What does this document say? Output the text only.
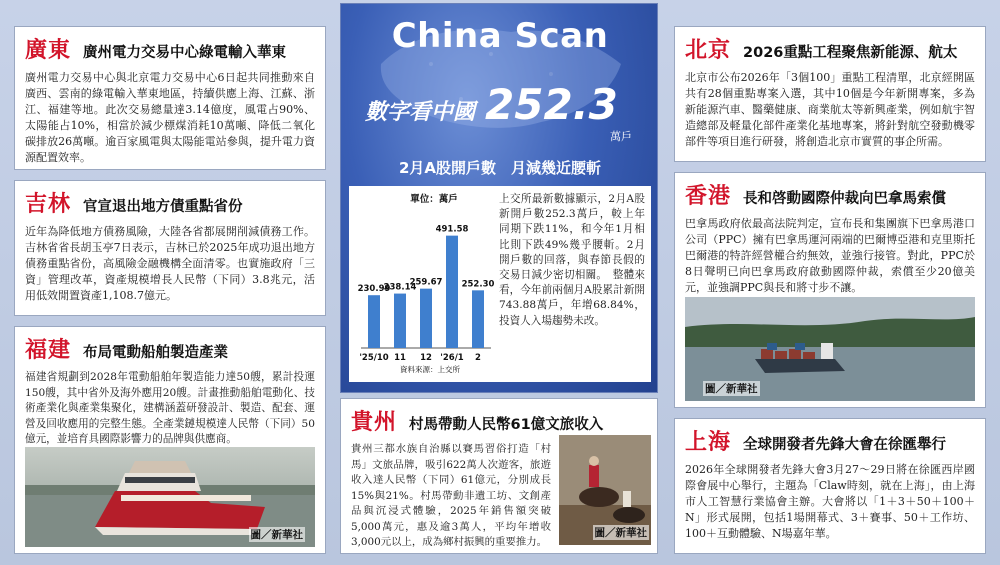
廣東 廣州電力交易中心綠電輸入華東
廣州電力交易中心與北京電力交易中心6日起共同推動來自廣西、雲南的綠電輸入華東地區，持續供應上海、江蘇、浙江、福建等地。此次交易總量達3.14億度，風電占90%、太陽能占10%，相當於減少標煤消耗10萬噸、降低二氧化碳排放26萬噸。逾百家風電與太陽能電站參與，提升電力資源配置效率。
吉林 官宣退出地方債重點省份
近年為降低地方債務風險，大陸各省都展開削減債務工作。吉林省省長胡玉亭7日表示，吉林已於2025年成功退出地方債務重點省份，高風險金融機構全面清零。也實施政府「三資」管理改革，資產規模增長人民幣（下同）3.8兆元，活用低效閒置資產1,108.7億元。
福建 布局電動船舶製造產業
福建省規劃到2028年電動船舶年製造能力達50艘，累計投運150艘，其中省外及海外應用20艘。計畫推動船舶電動化、技術產業化與產業集聚化，建構涵蓋研發設計、製造、配套、運營及回收應用的完整生態。全產業鏈規模達人民幣（下同）50億元，並培育具國際影響力的品牌與供應商。
圖／新華社
China Scan
數字看中國 252.3
萬戶
2月A股開戶數　月減幾近腰斬
單位：萬戶
230.99
'25/10
238.14
11
259.67
12
491.58
'26/1
252.30
2
資料來源：上交所
上交所最新數據顯示，2月A股新開戶數252.3萬戶，較上年同期下跌11%，和今年1月相比則下跌49%幾乎腰斬。2月開戶數的回落，與春節長假的交易日減少密切相關。　整體來看，今年前兩個月A股累計新開743.88萬戶，年增68.84%，投資人入場趨勢未改。
貴州 村馬帶動人民幣61億文旅收入
貴州三都水族自治縣以賽馬習俗打造「村馬」文旅品牌，吸引622萬人次遊客，旅遊收入達人民幣（下同）61億元，分別成長15%與21%。村馬帶動非遺工坊、文創產品與沉浸式體驗，2025年銷售額突破5,000萬元，惠及逾3萬人，平均年增收3,000元以上，成為鄉村振興的重要推力。
圖／新華社
北京 2026重點工程聚焦新能源、航太
北京市公布2026年「3個100」重點工程清單，北京經開區共有28個重點專案入選，其中10個是今年新開專案，多為新能源汽車、醫藥健康、商業航太等新興產業，例如航宇智造總部及軽量化部件產業化基地專案，將針對航空發動機零部件等項目進行研發，將創造北京市實質的事企所需。
香港 長和啓動國際仲裁向巴拿馬索償
巴拿馬政府依最高法院判定，宣布長和集團旗下巴拿馬港口公司（PPC）擁有巴拿馬運河兩端的巴爾博亞港和克里斯托巴爾港的特許經營權合約無效，並強行接管。對此，PPC於8日聲明已向巴拿馬政府啟動國際仲裁，索償至少20億美元，並強調PPC與長和將寸步不讓。
圖／新華社
上海 全球開發者先鋒大會在徐匯舉行
2026年全球開發者先鋒大會3月27～29日將在徐匯西岸國際會展中心舉行，主題為「Claw時刻，就在上海」，由上海市人工智慧行業協會主辦。大會將以「1＋3＋50＋100＋N」形式展開，包括1場開幕式、3＋賽事、50＋工作坊、100＋互動體驗、N場嘉年華。
